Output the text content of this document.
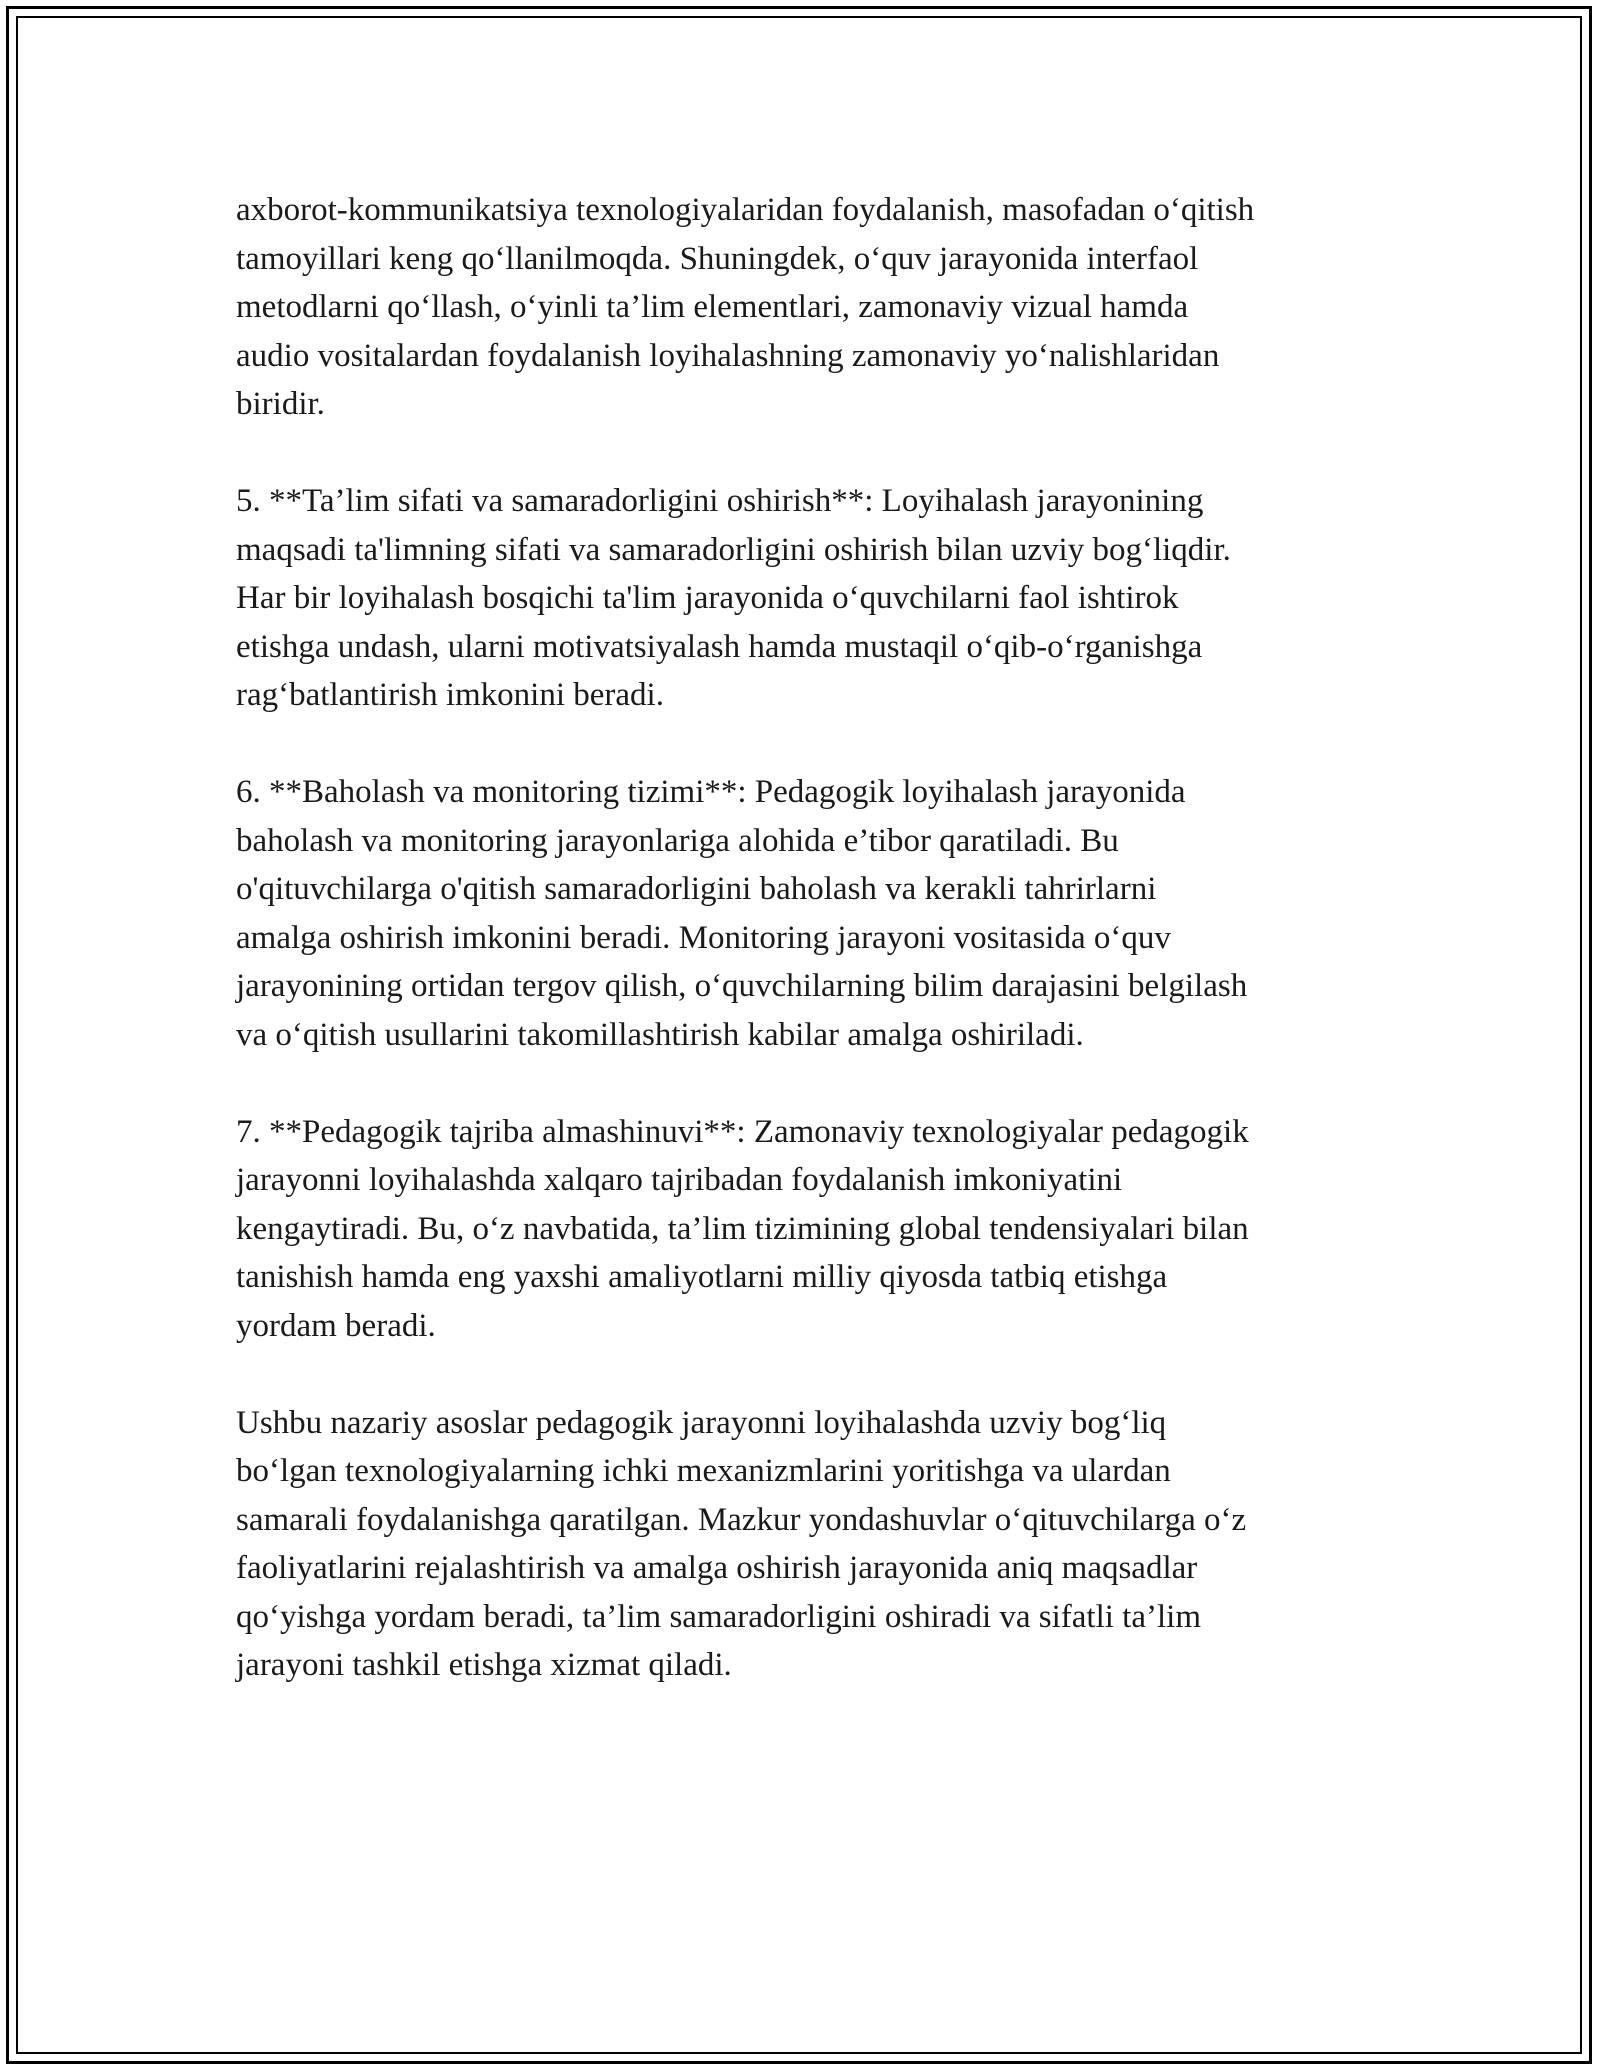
axborot-kommunikatsiya texnologiyalaridan foydalanish, masofadan o‘qitish
tamoyillari keng qo‘llanilmoqda. Shuningdek, o‘quv jarayonida interfaol
metodlarni qo‘llash, o‘yinli ta’lim elementlari, zamonaviy vizual hamda
audio vositalardan foydalanish loyihalashning zamonaviy yo‘nalishlaridan
biridir.

5. **Ta’lim sifati va samaradorligini oshirish**: Loyihalash jarayonining
maqsadi ta'limning sifati va samaradorligini oshirish bilan uzviy bog‘liqdir.
Har bir loyihalash bosqichi ta'lim jarayonida o‘quvchilarni faol ishtirok
etishga undash, ularni motivatsiyalash hamda mustaqil o‘qib-o‘rganishga
rag‘batlantirish imkonini beradi.

6. **Baholash va monitoring tizimi**: Pedagogik loyihalash jarayonida
baholash va monitoring jarayonlariga alohida e’tibor qaratiladi. Bu
o'qituvchilarga o'qitish samaradorligini baholash va kerakli tahrirlarni
amalga oshirish imkonini beradi. Monitoring jarayoni vositasida o‘quv
jarayonining ortidan tergov qilish, o‘quvchilarning bilim darajasini belgilash
va o‘qitish usullarini takomillashtirish kabilar amalga oshiriladi.

7. **Pedagogik tajriba almashinuvi**: Zamonaviy texnologiyalar pedagogik
jarayonni loyihalashda xalqaro tajribadan foydalanish imkoniyatini
kengaytiradi. Bu, o‘z navbatida, ta’lim tizimining global tendensiyalari bilan
tanishish hamda eng yaxshi amaliyotlarni milliy qiyosda tatbiq etishga
yordam beradi.

Ushbu nazariy asoslar pedagogik jarayonni loyihalashda uzviy bog‘liq
bo‘lgan texnologiyalarning ichki mexanizmlarini yoritishga va ulardan
samarali foydalanishga qaratilgan. Mazkur yondashuvlar o‘qituvchilarga o‘z
faoliyatlarini rejalashtirish va amalga oshirish jarayonida aniq maqsadlar
qo‘yishga yordam beradi, ta’lim samaradorligini oshiradi va sifatli ta’lim
jarayoni tashkil etishga xizmat qiladi.
